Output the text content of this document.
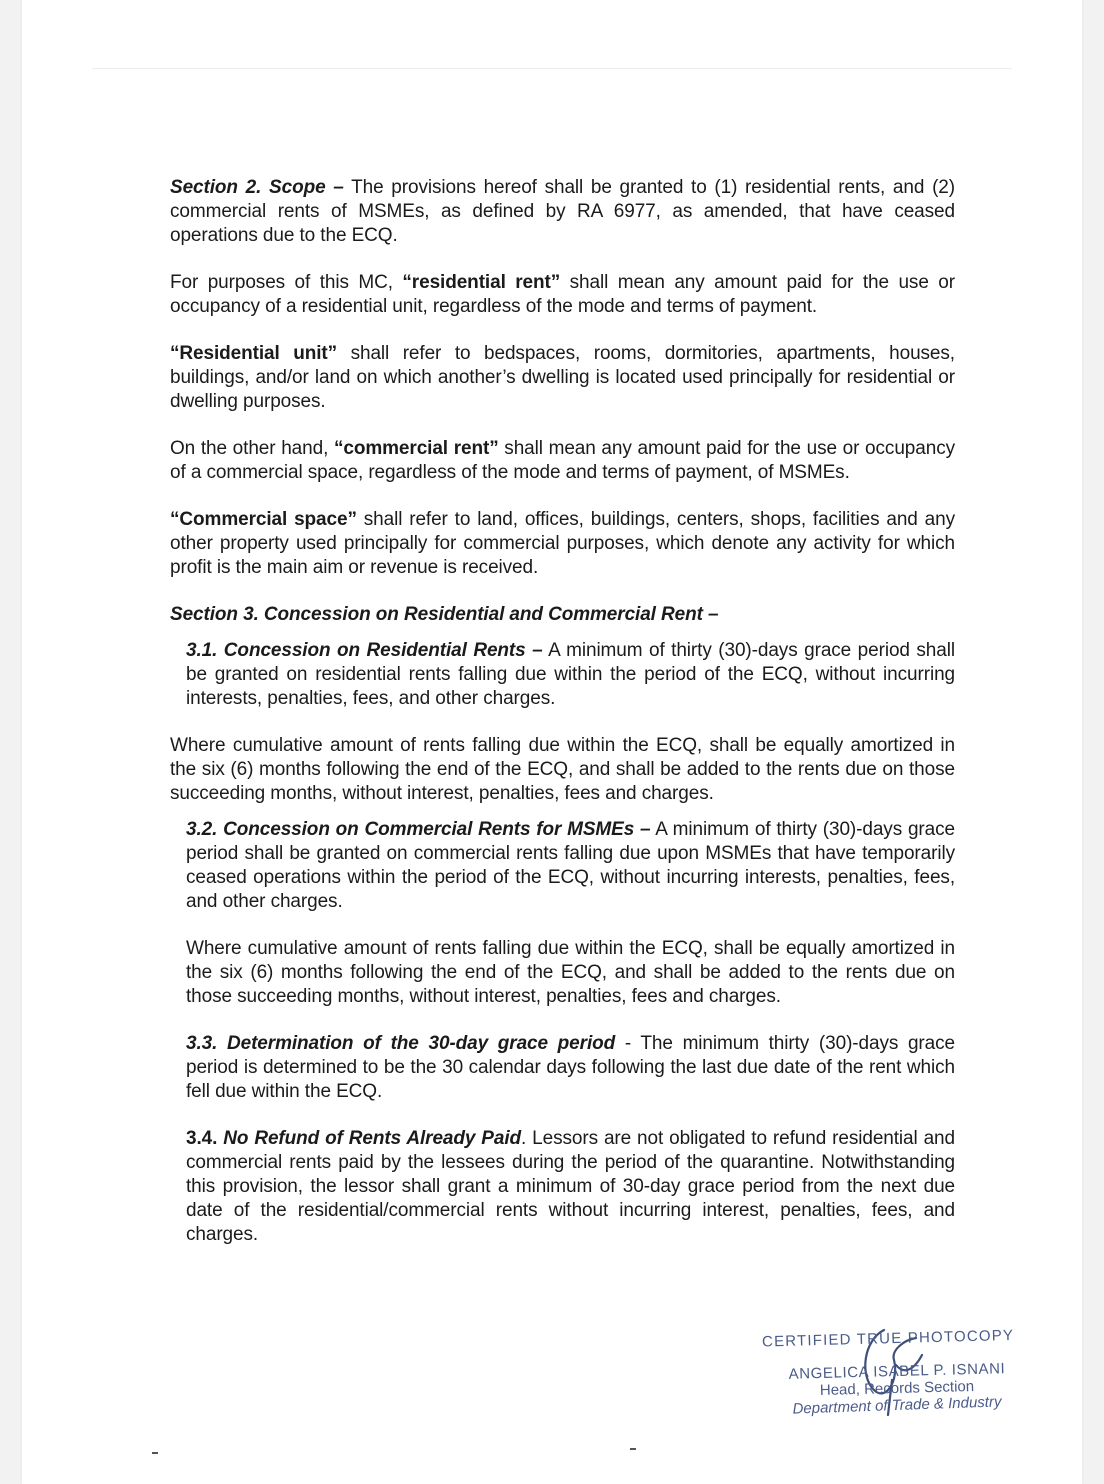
Section 2. Scope – The provisions hereof shall be granted to (1) residential rents, and (2) commercial rents of MSMEs, as defined by RA 6977, as amended, that have ceased operations due to the ECQ.

For purposes of this MC, “residential rent” shall mean any amount paid for the use or occupancy of a residential unit, regardless of the mode and terms of payment.

“Residential unit” shall refer to bedspaces, rooms, dormitories, apartments, houses, buildings, and/or land on which another’s dwelling is located used principally for residential or dwelling purposes.

On the other hand, “commercial rent” shall mean any amount paid for the use or occupancy of a commercial space, regardless of the mode and terms of payment, of MSMEs.

“Commercial space” shall refer to land, offices, buildings, centers, shops, facilities and any other property used principally for commercial purposes, which denote any activity for which profit is the main aim or revenue is received.

Section 3. Concession on Residential and Commercial Rent –

3.1. Concession on Residential Rents – A minimum of thirty (30)-days grace period shall be granted on residential rents falling due within the period of the ECQ, without incurring interests, penalties, fees, and other charges.

Where cumulative amount of rents falling due within the ECQ, shall be equally amortized in the six (6) months following the end of the ECQ, and shall be added to the rents due on those succeeding months, without interest, penalties, fees and charges.

3.2. Concession on Commercial Rents for MSMEs – A minimum of thirty (30)-days grace period shall be granted on commercial rents falling due upon MSMEs that have temporarily ceased operations within the period of the ECQ, without incurring interests, penalties, fees, and other charges.

Where cumulative amount of rents falling due within the ECQ, shall be equally amortized in the six (6) months following the end of the ECQ, and shall be added to the rents due on those succeeding months, without interest, penalties, fees and charges.

3.3. Determination of the 30-day grace period - The minimum thirty (30)-days grace period is determined to be the 30 calendar days following the last due date of the rent which fell due within the ECQ.

3.4. No Refund of Rents Already Paid. Lessors are not obligated to refund residential and commercial rents paid by the lessees during the period of the quarantine. Notwithstanding this provision, the lessor shall grant a minimum of 30-day grace period from the next due date of the residential/commercial rents without incurring interest, penalties, fees, and charges.

CERTIFIED TRUE PHOTOCOPY
ANGELICA ISABEL P. ISNANI
Head, Records Section
Department of Trade & Industry
